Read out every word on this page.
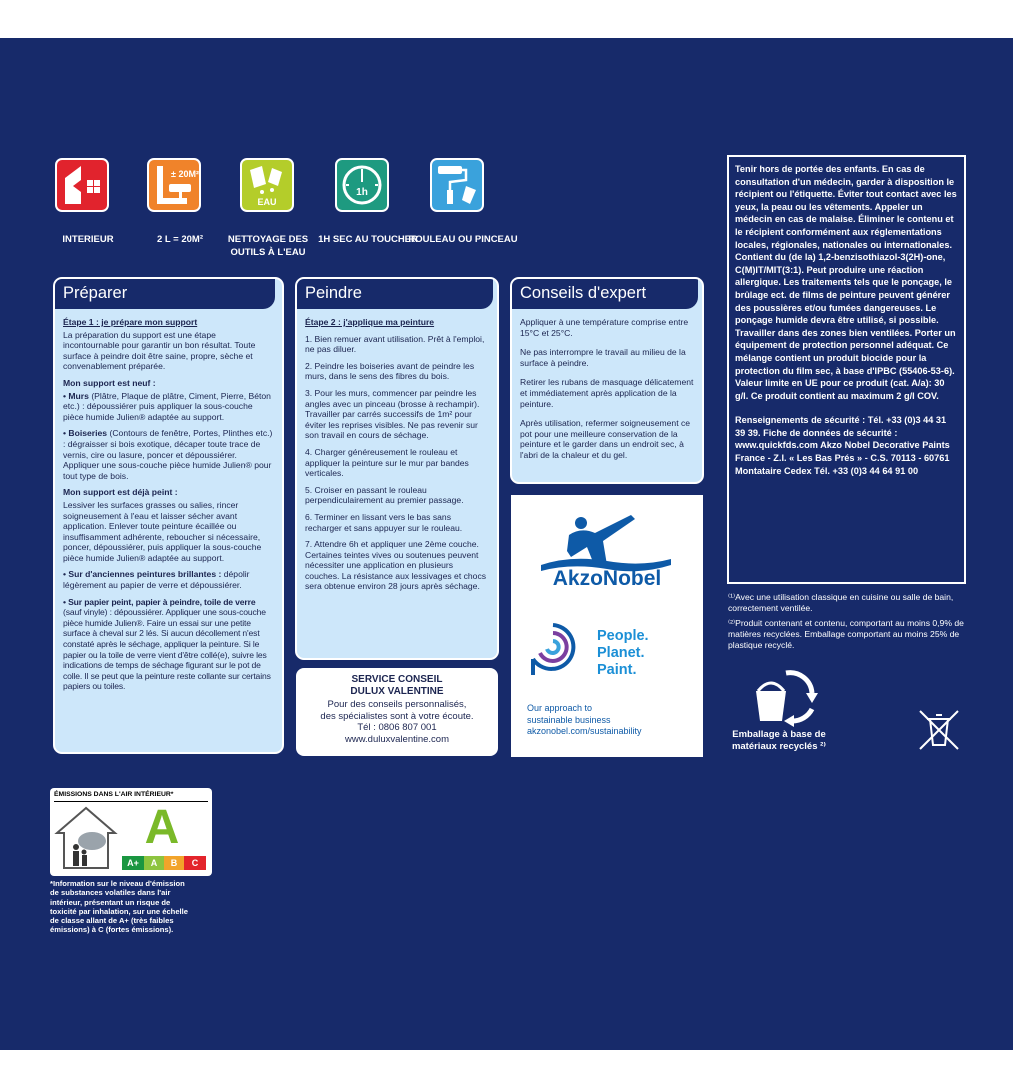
INTERIEUR
± 20M²
2 L = 20M²
EAU
NETTOYAGE DES OUTILS À L'EAU
1h
1H SEC AU TOUCHER
ROULEAU OU PINCEAU
Préparer
Étape 1 : je prépare mon support

La préparation du support est une étape incontournable pour garantir un bon résultat. Toute surface à peindre doit être saine, propre, sèche et convenablement préparée.

Mon support est neuf :
• Murs (Plâtre, Plaque de plâtre, Ciment, Pierre, Béton etc.) : dépoussiérer puis appliquer la sous-couche pièce humide Julien® adaptée au support.
• Boiseries (Contours de fenêtre, Portes, Plinthes etc.) : dégraisser si bois exotique, décaper toute trace de vernis, cire ou lasure, poncer et dépoussiérer. Appliquer une sous-couche pièce humide Julien® pour tout type de bois.
Mon support est déjà peint :
Lessiver les surfaces grasses ou salies, rincer soigneusement à l'eau et laisser sécher avant application. Enlever toute peinture écaillée ou insuffisamment adhérente, reboucher si nécessaire, poncer, dépoussiérer, puis appliquer la sous-couche pièce humide Julien® adaptée au support.
• Sur d'anciennes peintures brillantes : dépolir légèrement au papier de verre et dépoussiérer.
• Sur papier peint, papier à peindre, toile de verre (sauf vinyle) : dépoussiérer. Appliquer une sous-couche pièce humide Julien®. Faire un essai sur une petite surface à cheval sur 2 lés. Si aucun décollement n'est constaté après le séchage, appliquer la peinture. Si le papier ou la toile de verre vient d'être collé(e), suivre les indications de temps de séchage figurant sur le pot de colle. Il se peut que la peinture reste collante sur certains papiers ou toiles.
Peindre
Étape 2 : j'applique ma peinture

1. Bien remuer avant utilisation. Prêt à l'emploi, ne pas diluer.

2. Peindre les boiseries avant de peindre les murs, dans le sens des fibres du bois.

3. Pour les murs, commencer par peindre les angles avec un pinceau (brosse à rechampir). Travailler par carrés successifs de 1m² pour éviter les reprises visibles. Ne pas revenir sur son travail en cours de séchage.

4. Charger généreusement le rouleau et appliquer la peinture sur le mur par bandes verticales.

5. Croiser en passant le rouleau perpendiculairement au premier passage.

6. Terminer en lissant vers le bas sans recharger et sans appuyer sur le rouleau.

7. Attendre 6h et appliquer une 2ème couche. Certaines teintes vives ou soutenues peuvent nécessiter une application en plusieurs couches. La résistance aux lessivages et chocs sera obtenue environ 28 jours après séchage.

SERVICE CONSEIL
DULUX VALENTINE
Pour des conseils personnalisés,
des spécialistes sont à votre écoute.
Tél : 0806 807 001
www.duluxvalentine.com
Conseils d'expert

Appliquer à une température comprise entre 15°C et 25°C.

Ne pas interrompre le travail au milieu de la surface à peindre.

Retirer les rubans de masquage délicatement et immédiatement après application de la peinture.

Après utilisation, refermer soigneusement ce pot pour une meilleure conservation de la peinture et le garder dans un endroit sec, à l'abri de la chaleur et du gel.

AkzoNobel
People.
Planet.
Paint.
Our approach to
sustainable business
akzonobel.com/sustainability

Tenir hors de portée des enfants. En cas de consultation d'un médecin, garder à disposition le récipient ou l'étiquette. Éviter tout contact avec les yeux, la peau ou les vêtements. Appeler un médecin en cas de malaise. Éliminer le contenu et le récipient conformément aux réglementations locales, régionales, nationales ou internationales. Contient du (de la) 1,2-benzisothiazol-3(2H)-one, C(M)IT/MIT(3:1). Peut produire une réaction allergique. Les traitements tels que le ponçage, le brûlage ect. de films de peinture peuvent générer des poussières et/ou fumées dangereuses. Le ponçage humide devra être utilisé, si possible. Travailler dans des zones bien ventilées. Porter un équipement de protection personnel adéquat. Ce mélange contient un produit biocide pour la protection du film sec, à base d'IPBC (55406-53-6). Valeur limite en UE pour ce produit (cat. A/a): 30 g/l. Ce produit contient au maximum 2 g/l COV.

Renseignements de sécurité : Tél. +33 (0)3 44 31 39 39. Fiche de données de sécurité : www.quickfds.com Akzo Nobel Decorative Paints France - Z.I. « Les Bas Prés » - C.S. 70113 - 60761 Montataire Cedex Tél. +33 (0)3 44 64 91 00

⁽¹⁾Avec une utilisation classique en cuisine ou salle de bain, correctement ventilée.

⁽²⁾Produit contenant et contenu, comportant au moins 0,9% de matières recyclées. Emballage comportant au moins 25% de plastique recyclé.

Emballage à base de
matériaux recyclés ²⁾
ÉMISSIONS DANS L'AIR INTÉRIEUR*
A
A+	A	B	C
*Information sur le niveau d'émission de substances volatiles dans l'air intérieur, présentant un risque de toxicité par inhalation, sur une échelle de classe allant de A+ (très faibles émissions) à C (fortes émissions).
